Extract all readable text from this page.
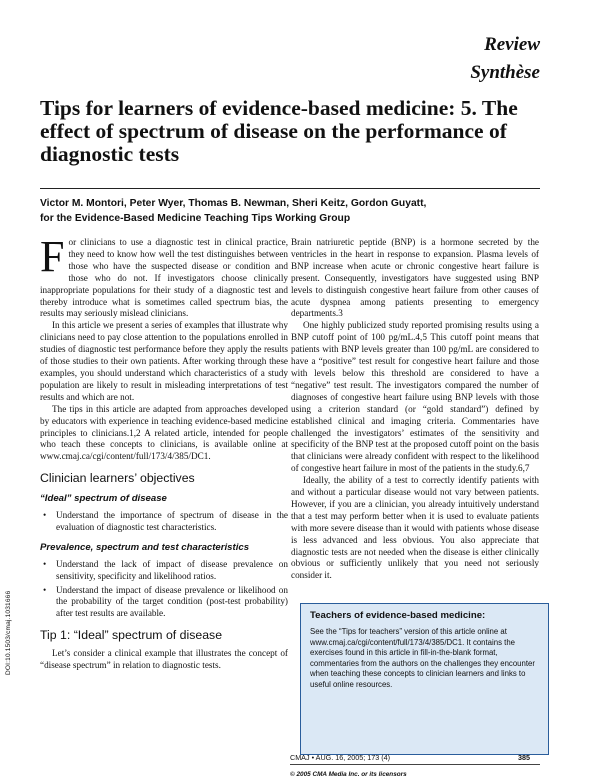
Review
Synthèse
Tips for learners of evidence-based medicine: 5. The effect of spectrum of disease on the performance of diagnostic tests
Victor M. Montori, Peter Wyer, Thomas B. Newman, Sheri Keitz, Gordon Guyatt,
for the Evidence-Based Medicine Teaching Tips Working Group

For clinicians to use a diagnostic test in clinical practice, they need to know how well the test distinguishes between those who have the suspected disease or condition and those who do not. If investigators choose clinically inappropriate populations for their study of a diagnostic test and thereby introduce what is sometimes called spectrum bias, the results may seriously mislead clinicians.

In this article we present a series of examples that illustrate why clinicians need to pay close attention to the populations enrolled in studies of diagnostic test performance before they apply the results of those studies to their own patients. After working through these examples, you should understand which characteristics of a study population are likely to result in misleading interpretations of test results and which are not.

The tips in this article are adapted from approaches developed by educators with experience in teaching evidence-based medicine principles to clinicians.1,2 A related article, intended for people who teach these concepts to clinicians, is available online at www.cmaj.ca/cgi/content/full/173/4/385/DC1.

Clinician learners’ objectives
“Ideal” spectrum of disease
• Understand the importance of spectrum of disease in the evaluation of diagnostic test characteristics.
Prevalence, spectrum and test characteristics
• Understand the lack of impact of disease prevalence on sensitivity, specificity and likelihood ratios.
• Understand the impact of disease prevalence or likelihood on the probability of the target condition (post-test probability) after test results are available.
Tip 1: “Ideal” spectrum of disease

Let’s consider a clinical example that illustrates the concept of “disease spectrum” in relation to diagnostic tests.

Brain natriuretic peptide (BNP) is a hormone secreted by the ventricles in the heart in response to expansion. Plasma levels of BNP increase when acute or chronic congestive heart failure is present. Consequently, investigators have suggested using BNP levels to distinguish congestive heart failure from other causes of acute dyspnea among patients presenting to emergency departments.3

One highly publicized study reported promising results using a BNP cutoff point of 100 pg/mL.4,5 This cutoff point means that patients with BNP levels greater than 100 pg/mL are considered to have a “positive” test result for congestive heart failure and those with levels below this threshold are considered to have a “negative” test result. The investigators compared the number of diagnoses of congestive heart failure using BNP levels with those using a criterion standard (or “gold standard”) defined by established clinical and imaging criteria. Commentaries have challenged the investigators’ estimates of the sensitivity and specificity of the BNP test at the proposed cutoff point on the basis that clinicians were already confident with respect to the likelihood of congestive heart failure in most of the patients in the study.6,7

Ideally, the ability of a test to correctly identify patients with and without a particular disease would not vary between patients. However, if you are a clinician, you already intuitively understand that a test may perform better when it is used to evaluate patients with more severe disease than it would with patients whose disease is less advanced and less obvious. You also appreciate that diagnostic tests are not needed when the disease is either clinically obvious or sufficiently unlikely that you need not seriously consider it.

DOI:10.1503/cmaj.1031666	Teachers of evidence-based medicine:
See the “Tips for teachers” version of this article online at www.cmaj.ca/cgi/content/full/173/4/385/DC1. It contains the exercises found in this article in fill-in-the-blank format, commentaries from the authors on the challenges they encounter when teaching these concepts to clinician learners and links to useful online resources.
CMAJ • AUG. 16, 2005; 173 (4)	385
© 2005 CMA Media Inc. or its licensors
